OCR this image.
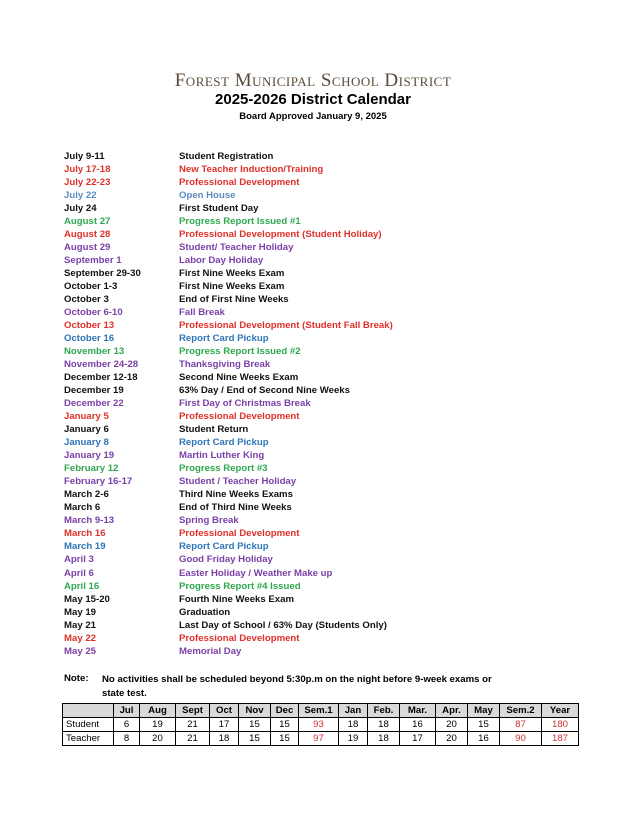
Forest Municipal School District
2025-2026 District Calendar
Board Approved January 9, 2025
July 9-11	Student Registration
July 17-18	New Teacher Induction/Training
July 22-23	Professional Development
July 22	Open House
July 24	First Student Day
August 27	Progress Report Issued #1
August 28	Professional Development (Student Holiday)
August 29	Student/ Teacher Holiday
September 1	Labor Day Holiday
September 29-30	First Nine Weeks Exam
October 1-3	First Nine Weeks Exam
October 3	End of First Nine Weeks
October 6-10	Fall Break
October 13	Professional Development (Student Fall Break)
October 16	Report Card Pickup
November 13	Progress Report Issued #2
November 24-28	Thanksgiving Break
December 12-18	Second Nine Weeks Exam
December 19	63% Day / End of Second Nine Weeks
December 22	First Day of Christmas Break
January 5	Professional Development
January 6	Student Return
January 8	Report Card Pickup
January 19	Martin Luther King
February 12	Progress Report #3
February 16-17	Student / Teacher Holiday
March 2-6	Third Nine Weeks Exams
March 6	End of Third Nine Weeks
March 9-13	Spring Break
March 16	Professional Development
March 19	Report Card Pickup
April 3	Good Friday Holiday
April 6	Easter Holiday / Weather Make up
April 16	Progress Report #4 Issued
May 15-20	Fourth Nine Weeks Exam
May 19	Graduation
May 21	Last Day of School / 63% Day (Students Only)
May 22	Professional Development
May 25	Memorial Day
Note: No activities shall be scheduled beyond 5:30p.m on the night before 9-week exams or state test.
	Jul	Aug	Sept	Oct	Nov	Dec	Sem.1	Jan	Feb.	Mar.	Apr.	May	Sem.2	Year
Student	6	19	21	17	15	15	93	18	18	16	20	15	87	180
Teacher	8	20	21	18	15	15	97	19	18	17	20	16	90	187
